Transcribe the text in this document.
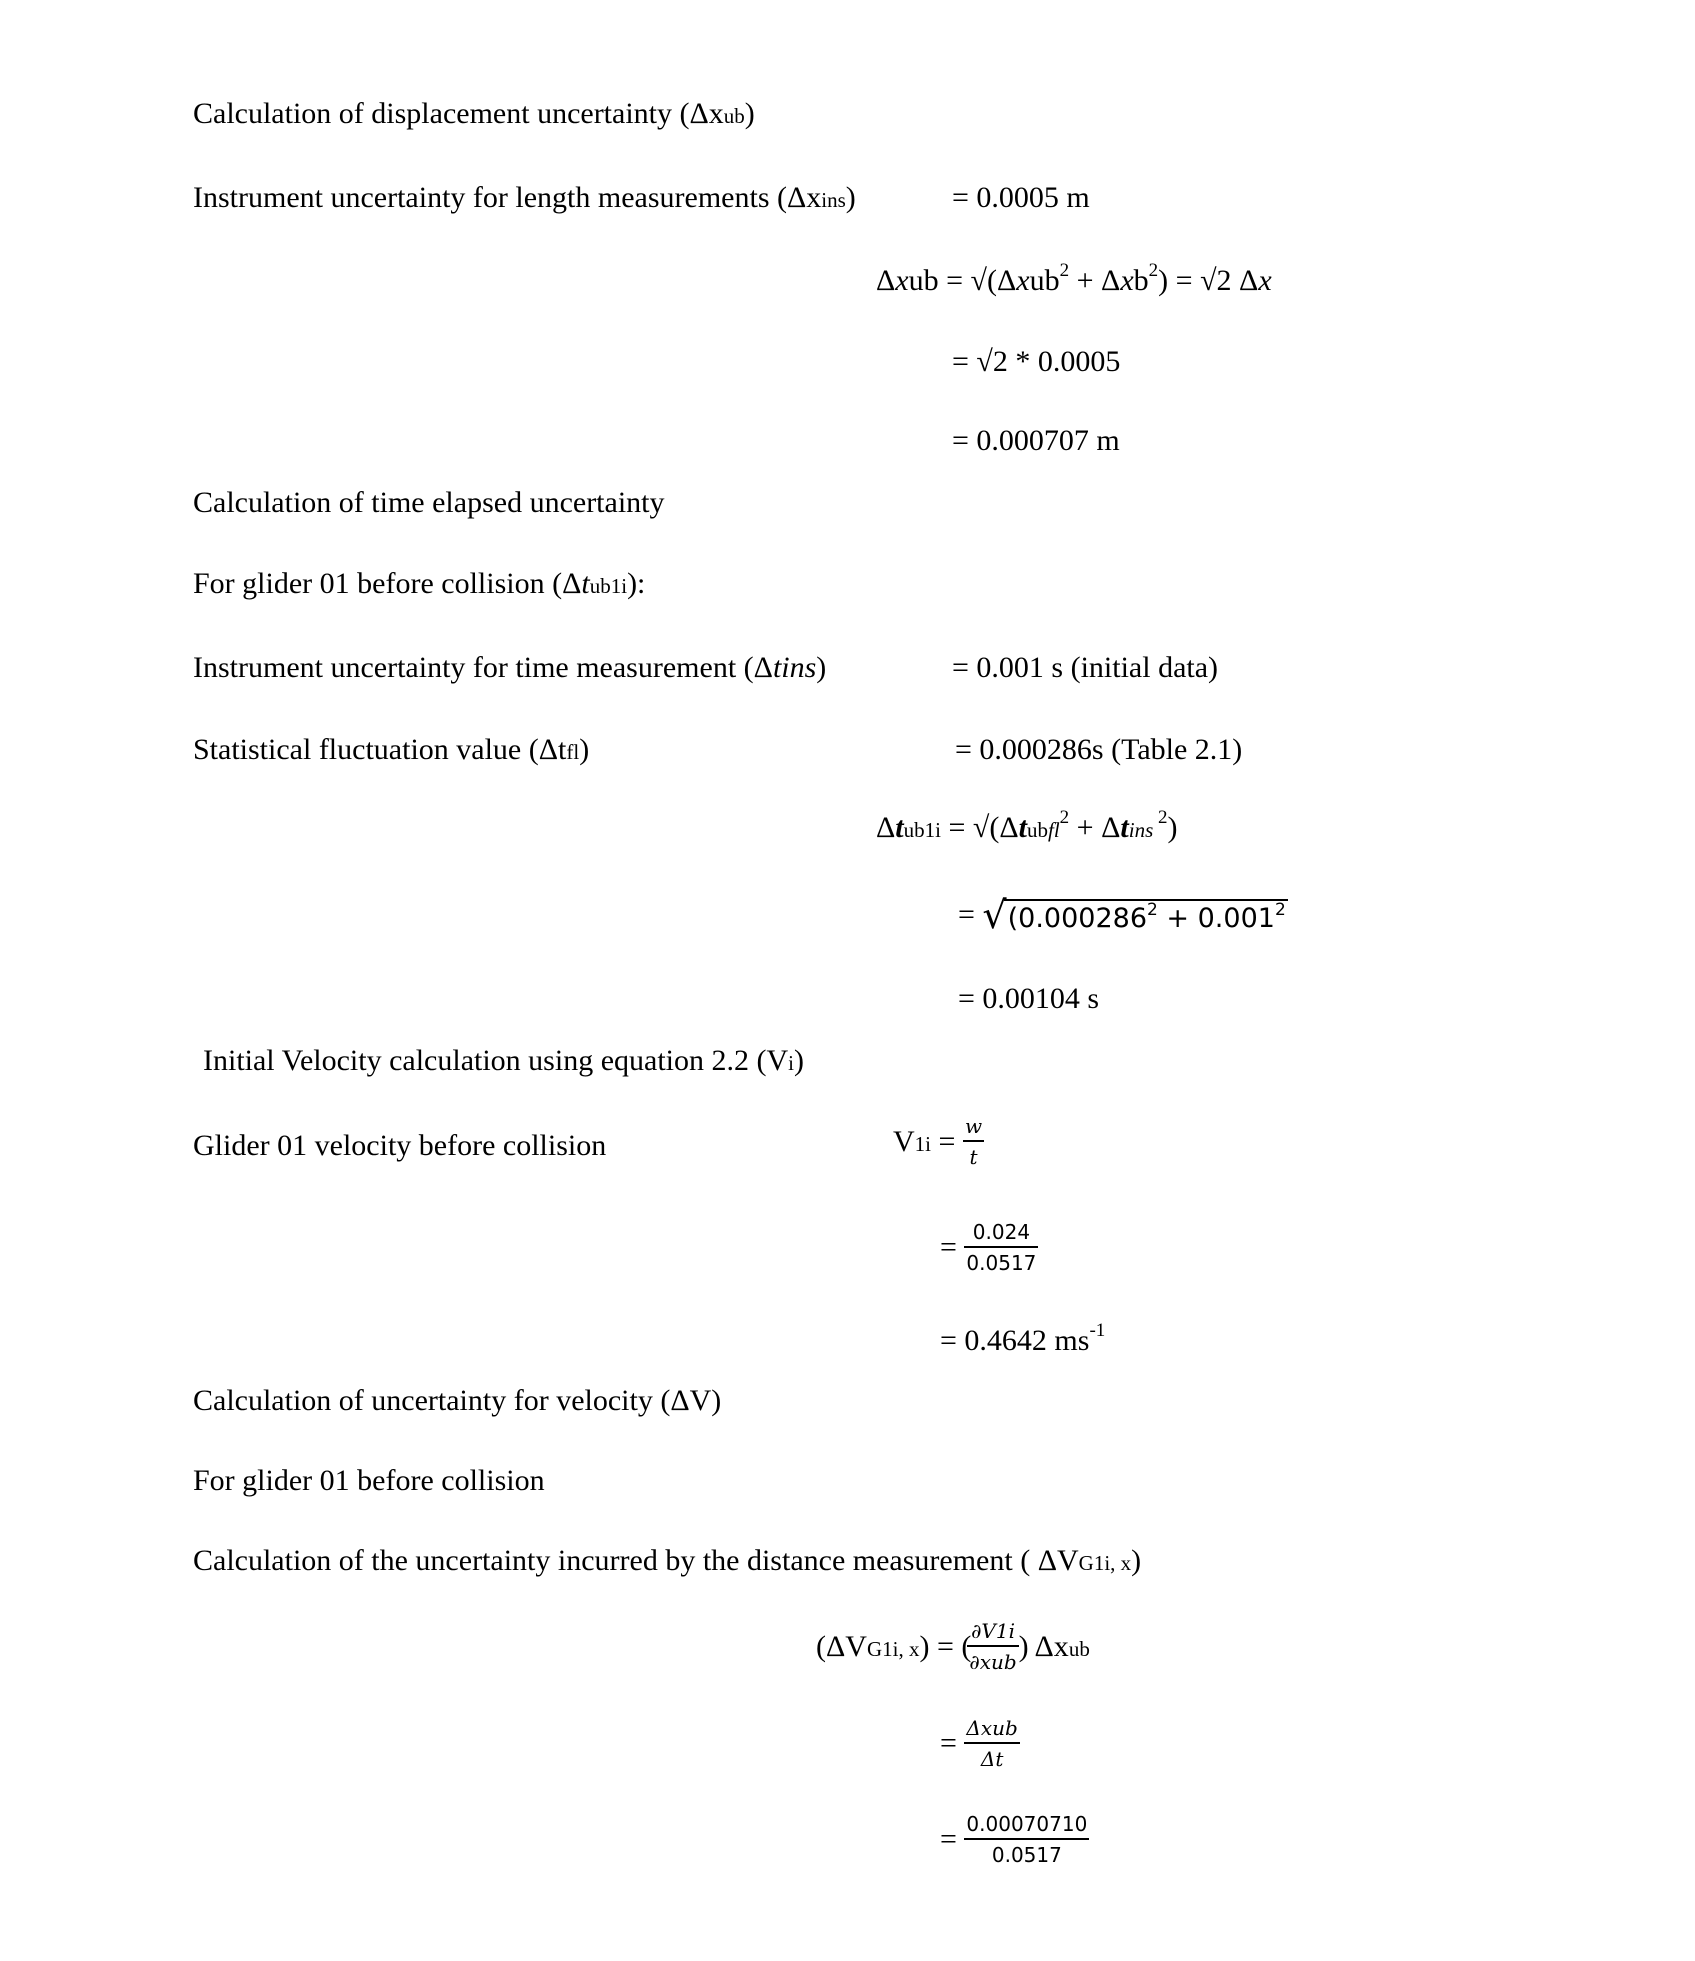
Calculation of displacement uncertainty (Δxub)
Instrument uncertainty for length measurements (Δxins)	= 0.0005 m
Δxub = √(Δxub$^2$ + Δxb$^2$) = √2 Δx
= √2 * 0.0005
= 0.000707 m
Calculation of time elapsed uncertainty
For glider 01 before collision (Δtub1i):
Instrument uncertainty for time measurement (Δtins)	= 0.001 s (initial data)
Statistical fluctuation value (Δtfl)	= 0.000286s (Table 2.1)
Δtub1i = √(Δtubfl$^2$ + Δtins $^2$)
= $√(0.000286^2 + 0.001^2$
= 0.00104 s
Initial Velocity calculation using equation 2.2 (Vi)
Glider 01 velocity before collision	$V1i = \frac{w}{t}$
= $\frac{0.024}{0.0517}$
= 0.4642 $ms^{-1}$
Calculation of uncertainty for velocity (ΔV)
For glider 01 before collision
Calculation of the uncertainty incurred by the distance measurement ( ΔVG1i, x)
(ΔVG1i, x) = (
$\frac{\partial V1i}{\text{∂xub}}$ ) Δxub
= $\frac{\text{Δxub}}{\Delta t}$
= $\frac{0.00070710}{0.0517}$
